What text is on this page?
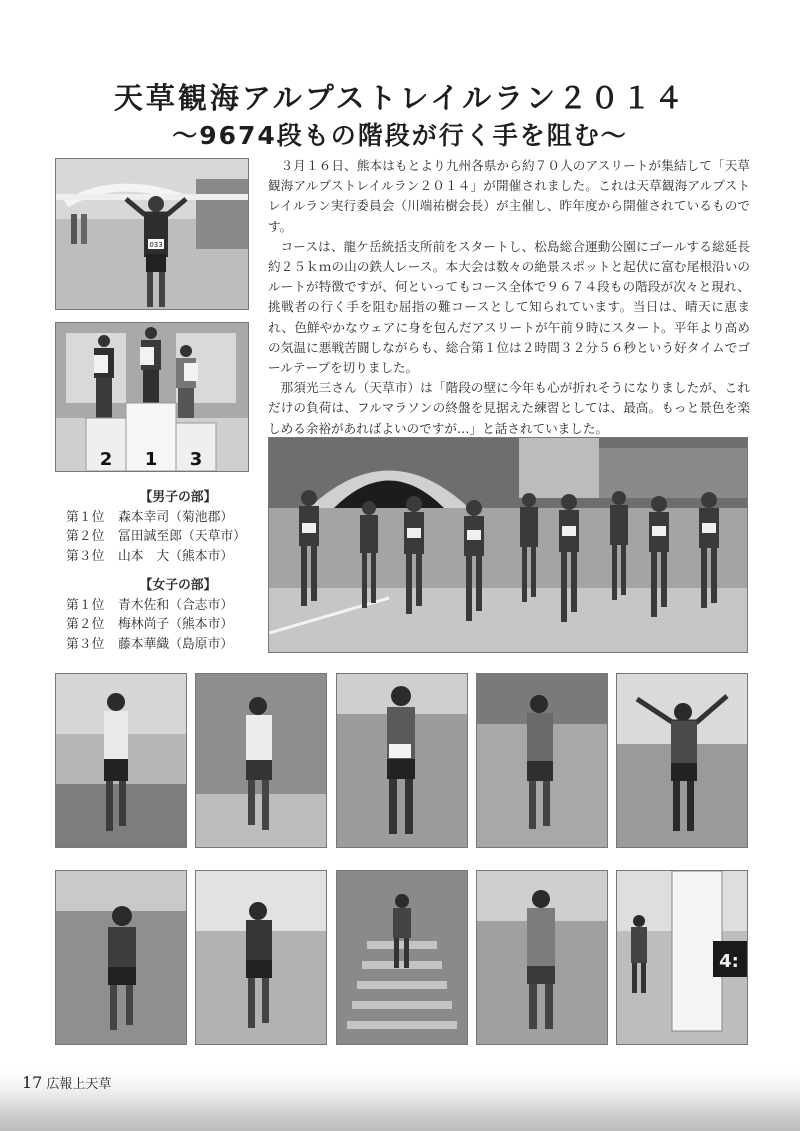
天草観海アルプストレイルラン２０１４
～9674段もの階段が行く手を阻む～
033
2 1 3

３月１６日、熊本はもとより九州各県から約７０人のアスリートが集結して「天草観海アルプストレイルラン２０１４」が開催されました。これは天草観海アルプストレイルラン実行委員会（川端祐樹会長）が主催し、昨年度から開催されているものです。

コースは、龍ケ岳統括支所前をスタートし、松島総合運動公園にゴールする総延長約２５ｋｍの山の鉄人レース。本大会は数々の絶景スポットと起伏に富む尾根沿いのルートが特徴ですが、何といってもコース全体で９６７４段もの階段が次々と現れ、挑戦者の行く手を阻む屈指の難コースとして知られています。当日は、晴天に恵まれ、色鮮やかなウェアに身を包んだアスリートが午前９時にスタート。平年より高めの気温に悪戦苦闘しながらも、総合第１位は２時間３２分５６秒という好タイムでゴールテープを切りました。

那須光三さん（天草市）は「階段の壁に今年も心が折れそうになりましたが、これだけの負荷は、フルマラソンの終盤を見据えた練習としては、最高。もっと景色を楽しめる余裕があればよいのですが…」と話されていました。

【男子の部】
第１位 森本幸司（菊池郡）
第２位 冨田誠至郎（天草市）
第３位 山本　大（熊本市）
【女子の部】
第１位 青木佐和（合志市）
第２位 梅林尚子（熊本市）
第３位 藤本華織（島原市）
4:
17 広報上天草
